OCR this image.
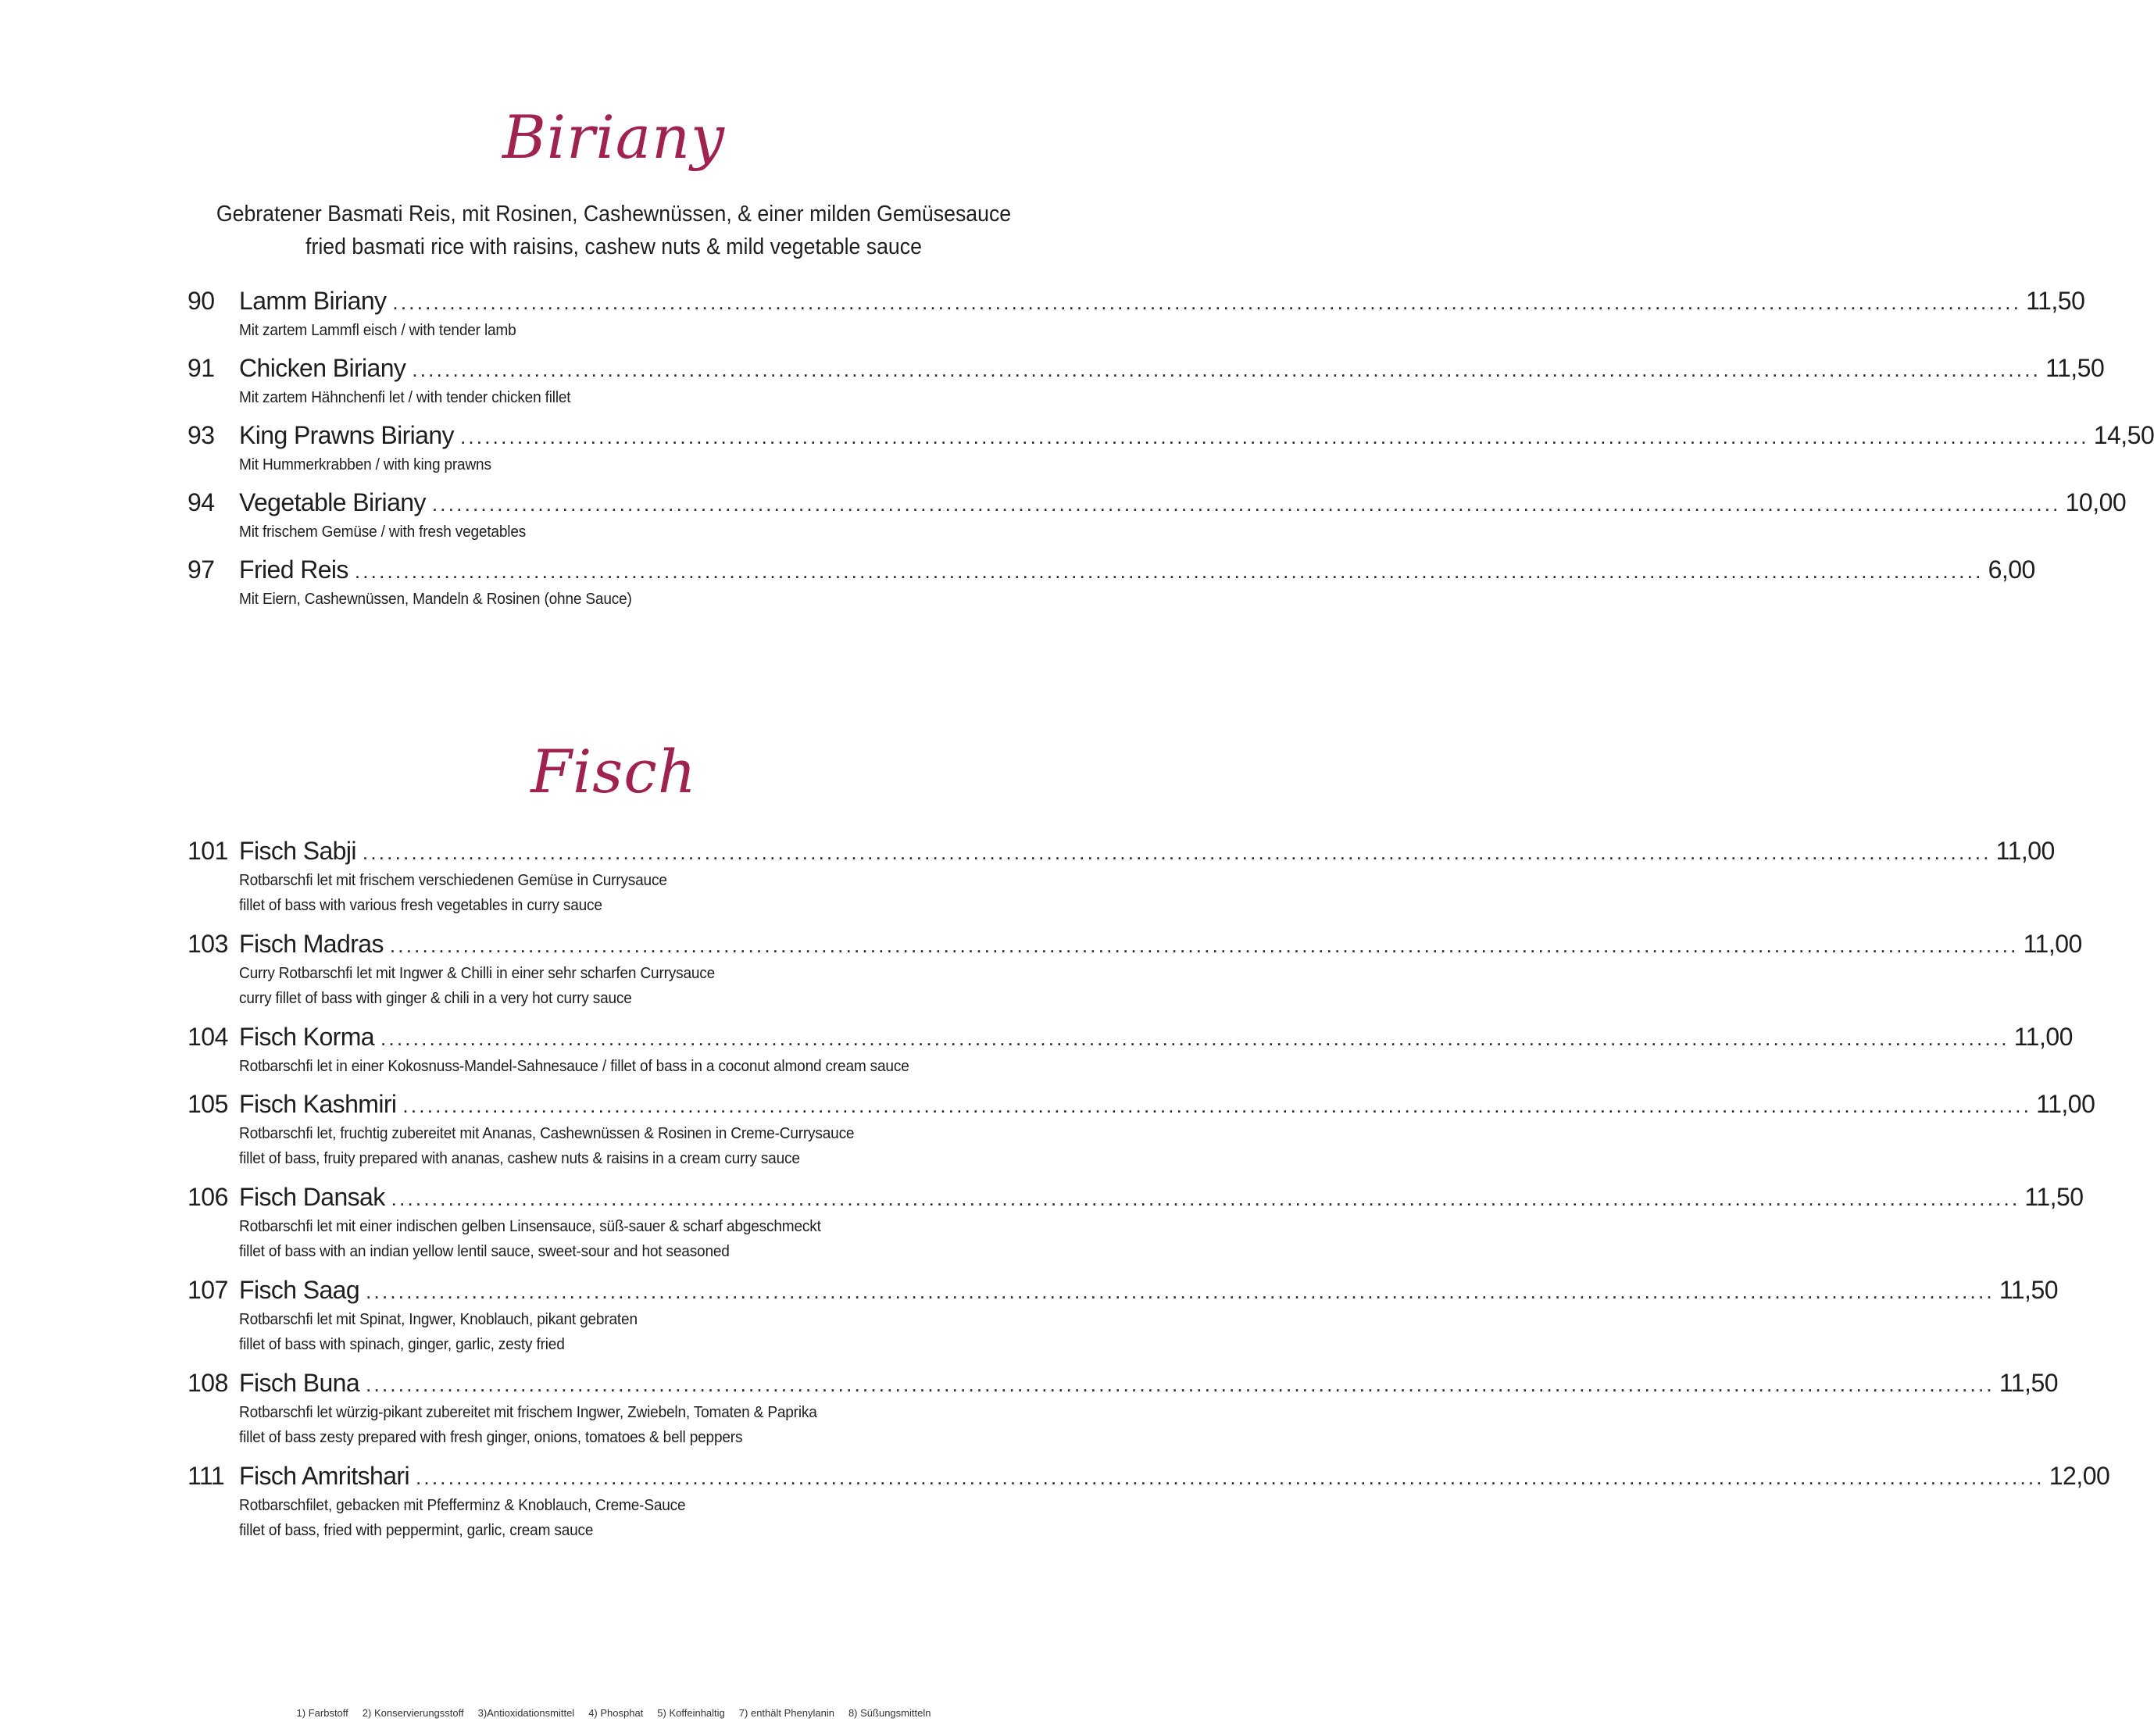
Biriany
Gebratener Basmati Reis, mit Rosinen, Cashewnüssen, & einer milden Gemüsesauce
fried basmati rice with raisins, cashew nuts & mild vegetable sauce
90 Lamm Biriany ........................................................................................................................................................................................................ 11,50
Mit zartem Lammfl eisch / with tender lamb
91 Chicken Biriany ........................................................................................................................................................................................................ 11,50
Mit zartem Hähnchenfi let / with tender chicken fillet
93 King Prawns Biriany ........................................................................................................................................................................................................ 14,50
Mit Hummerkrabben / with king prawns
94 Vegetable Biriany ........................................................................................................................................................................................................ 10,00
Mit frischem Gemüse / with fresh vegetables
97 Fried Reis ........................................................................................................................................................................................................ 6,00
Mit Eiern, Cashewnüssen, Mandeln & Rosinen (ohne Sauce)
Fisch
101 Fisch Sabji ........................................................................................................................................................................................................ 11,00
Rotbarschfi let mit frischem verschiedenen Gemüse in Currysauce
fillet of bass with various fresh vegetables in curry sauce
103 Fisch Madras ........................................................................................................................................................................................................ 11,00
Curry Rotbarschfi let mit Ingwer & Chilli in einer sehr scharfen Currysauce
curry fillet of bass with ginger & chili in a very hot curry sauce
104 Fisch Korma ........................................................................................................................................................................................................ 11,00
Rotbarschfi let in einer Kokosnuss-Mandel-Sahnesauce / fillet of bass in a coconut almond cream sauce
105 Fisch Kashmiri ........................................................................................................................................................................................................ 11,00
Rotbarschfi let, fruchtig zubereitet mit Ananas, Cashewnüssen & Rosinen in Creme-Currysauce
fillet of bass, fruity prepared with ananas, cashew nuts & raisins in a cream curry sauce
106 Fisch Dansak ........................................................................................................................................................................................................ 11,50
Rotbarschfi let mit einer indischen gelben Linsensauce, süß-sauer & scharf abgeschmeckt
fillet of bass with an indian yellow lentil sauce, sweet-sour and hot seasoned
107 Fisch Saag ........................................................................................................................................................................................................ 11,50
Rotbarschfi let mit Spinat, Ingwer, Knoblauch, pikant gebraten
fillet of bass with spinach, ginger, garlic, zesty fried
108 Fisch Buna ........................................................................................................................................................................................................ 11,50
Rotbarschfi let würzig-pikant zubereitet mit frischem Ingwer, Zwiebeln, Tomaten & Paprika
fillet of bass zesty prepared with fresh ginger, onions, tomatoes & bell peppers
111 Fisch Amritshari ........................................................................................................................................................................................................ 12,00
Rotbarschfilet, gebacken mit Pfefferminz & Knoblauch, Creme-Sauce
fillet of bass, fried with peppermint, garlic, cream sauce
1) Farbstoff 2) Konservierungsstoff 3)Antioxidationsmittel 4) Phosphat 5) Koffeinhaltig 7) enthält Phenylanin 8) Süßungsmitteln
